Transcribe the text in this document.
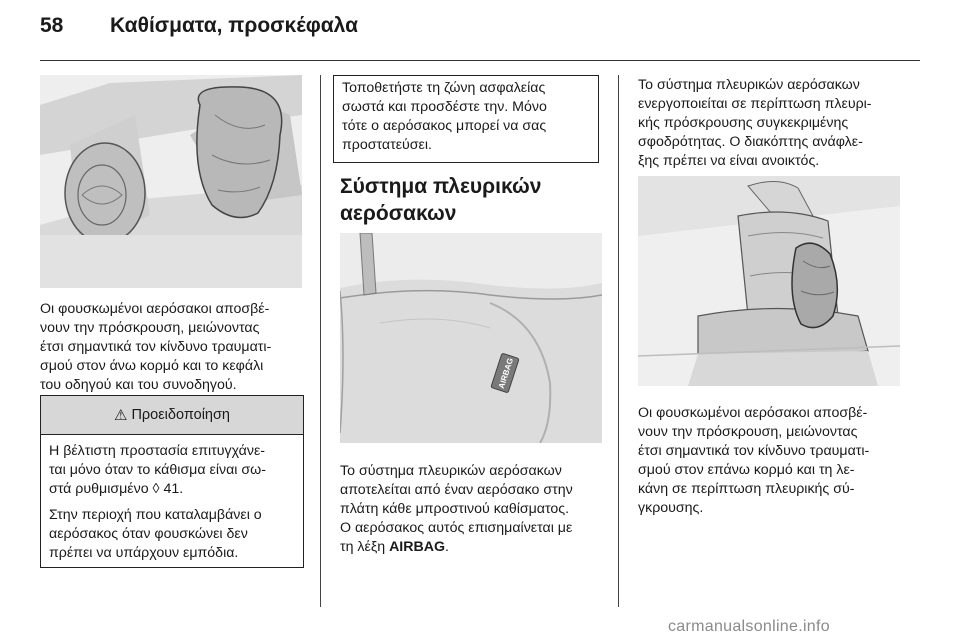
58 Καθίσματα, προσκέφαλα

Οι φουσκωμένοι αερόσακοι αποσβέ‐
νουν την πρόσκρουση, μειώνοντας
έτσι σημαντικά τον κίνδυνο τραυματι‐
σμού στον άνω κορμό και το κεφάλι
του οδηγού και του συνοδηγού.

⚠ Προειδοποίηση

Η βέλτιστη προστασία επιτυγχάνε‐
ται μόνο όταν το κάθισμα είναι σω‐
στά ρυθμισμένο ◊ 41.

Στην περιοχή που καταλαμβάνει ο
αερόσακος όταν φουσκώνει δεν
πρέπει να υπάρχουν εμπόδια.

Τοποθετήστε τη ζώνη ασφαλείας
σωστά και προσδέστε την. Μόνο
τότε ο αερόσακος μπορεί να σας
προστατεύσει.
Σύστημα πλευρικών
αερόσακων
AIRBAG

Το σύστημα πλευρικών αερόσακων
αποτελείται από έναν αερόσακο στην
πλάτη κάθε μπροστινού καθίσματος.
Ο αερόσακος αυτός επισημαίνεται με
τη λέξη AIRBAG.

Το σύστημα πλευρικών αερόσακων
ενεργοποιείται σε περίπτωση πλευρι‐
κής πρόσκρουσης συγκεκριμένης
σφοδρότητας. Ο διακόπτης ανάφλε‐
ξης πρέπει να είναι ανοικτός.

Οι φουσκωμένοι αερόσακοι αποσβέ‐
νουν την πρόσκρουση, μειώνοντας
έτσι σημαντικά τον κίνδυνο τραυματι‐
σμού στον επάνω κορμό και τη λε‐
κάνη σε περίπτωση πλευρικής σύ‐
γκρουσης.

carmanualsonline.info
